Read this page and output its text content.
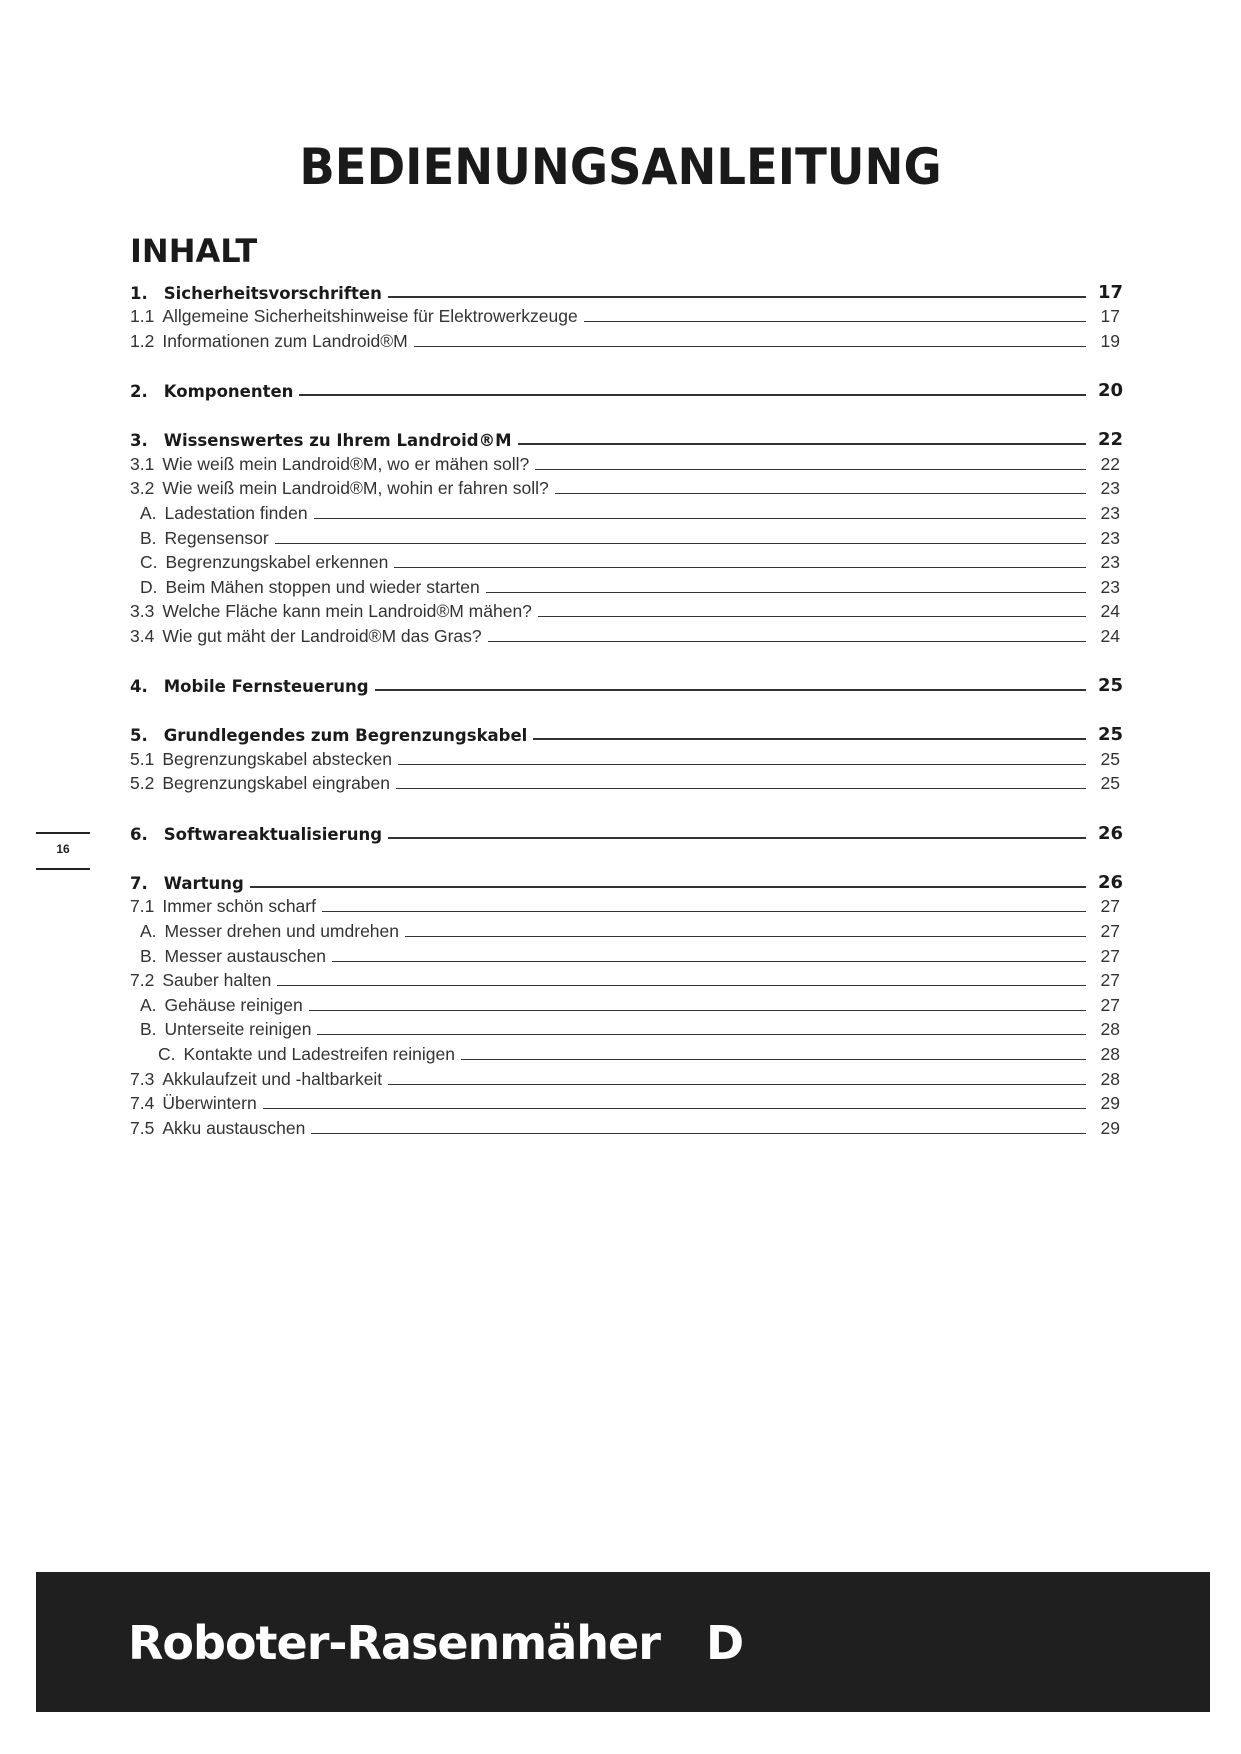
BEDIENUNGSANLEITUNG
INHALT
1. Sicherheitsvorschriften	17
1.1 Allgemeine Sicherheitshinweise für Elektrowerkzeuge	17
1.2 Informationen zum Landroid®M	19
2. Komponenten	20
3. Wissenswertes zu Ihrem Landroid®M	22
3.1 Wie weiß mein Landroid®M, wo er mähen soll?	22
3.2 Wie weiß mein Landroid®M, wohin er fahren soll?	23
A. Ladestation finden	23
B. Regensensor	23
C. Begrenzungskabel erkennen	23
D. Beim Mähen stoppen und wieder starten	23
3.3 Welche Fläche kann mein Landroid®M mähen?	24
3.4 Wie gut mäht der Landroid®M das Gras?	24
4. Mobile Fernsteuerung	25
5. Grundlegendes zum Begrenzungskabel	25
5.1 Begrenzungskabel abstecken	25
5.2 Begrenzungskabel eingraben	25
6. Softwareaktualisierung	26
7. Wartung	26
7.1 Immer schön scharf	27
A. Messer drehen und umdrehen	27
B. Messer austauschen	27
7.2 Sauber halten	27
A. Gehäuse reinigen	27
B. Unterseite reinigen	28
C. Kontakte und Ladestreifen reinigen	28
7.3 Akkulaufzeit und -haltbarkeit	28
7.4 Überwintern	29
7.5 Akku austauschen	29
16
Roboter-Rasenmäher D
